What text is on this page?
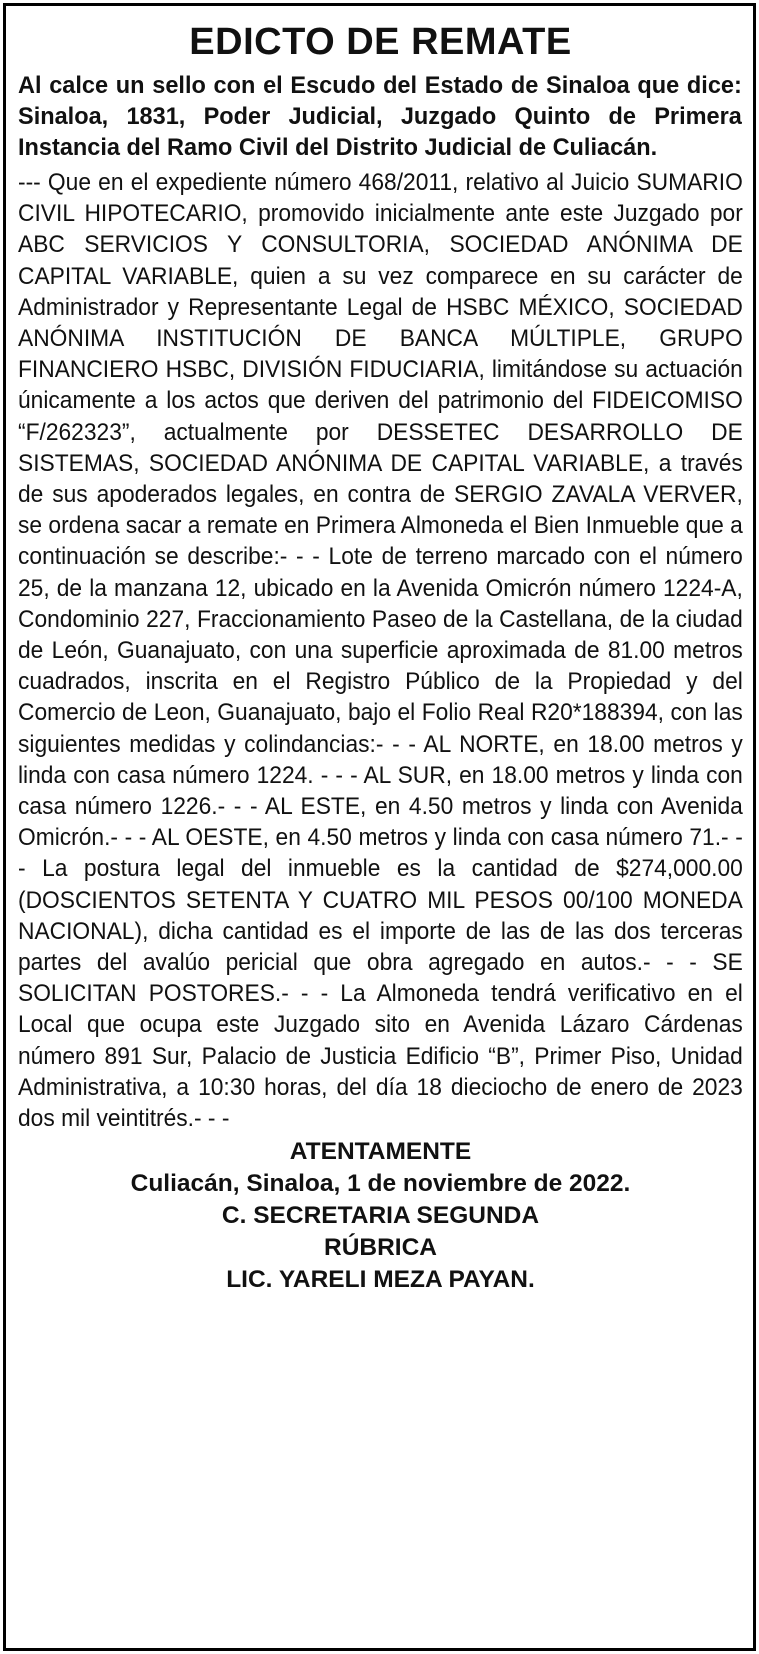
EDICTO DE REMATE

Al calce un sello con el Escudo del Estado de Sinaloa que dice: Sinaloa, 1831, Poder Judicial, Juzgado Quinto de Primera Instancia del Ramo Civil del Distrito Judicial de Culiacán.

--- Que en el expediente número 468/2011, relativo al Juicio SUMARIO CIVIL HIPOTECARIO, promovido inicialmente ante este Juzgado por ABC SERVICIOS Y CONSULTORIA, SOCIEDAD ANÓNIMA DE CAPITAL VARIABLE, quien a su vez comparece en su carácter de Administrador y Representante Legal de HSBC MÉXICO, SOCIEDAD ANÓNIMA INSTITUCIÓN DE BANCA MÚLTIPLE, GRUPO FINANCIERO HSBC, DIVISIÓN FIDUCIARIA, limitándose su actuación únicamente a los actos que deriven del patrimonio del FIDEICOMISO “F/262323”, actualmente por DESSETEC DESARROLLO DE SISTEMAS, SOCIEDAD ANÓNIMA DE CAPITAL VARIABLE, a través de sus apoderados legales, en contra de SERGIO ZAVALA VERVER, se ordena sacar a remate en Primera Almoneda el Bien Inmueble que a continuación se describe:- - - Lote de terreno marcado con el número 25, de la manzana 12, ubicado en la Avenida Omicrón número 1224-A, Condominio 227, Fraccionamiento Paseo de la Castellana, de la ciudad de León, Guanajuato, con una superficie aproximada de 81.00 metros cuadrados, inscrita en el Registro Público de la Propiedad y del Comercio de Leon, Guanajuato, bajo el Folio Real R20*188394, con las siguientes medidas y colindancias:- - - AL NORTE, en 18.00 metros y linda con casa número 1224. - - - AL SUR, en 18.00 metros y linda con casa número 1226.- - - AL ESTE, en 4.50 metros y linda con Avenida Omicrón.- - - AL OESTE, en 4.50 metros y linda con casa número 71.- - - La postura legal del inmueble es la cantidad de $274,000.00 (DOSCIENTOS SETENTA Y CUATRO MIL PESOS 00/100 MONEDA NACIONAL), dicha cantidad es el importe de las de las dos terceras partes del avalúo pericial que obra agregado en autos.- - - SE SOLICITAN POSTORES.- - - La Almoneda tendrá verificativo en el Local que ocupa este Juzgado sito en Avenida Lázaro Cárdenas número 891 Sur, Palacio de Justicia Edificio “B”, Primer Piso, Unidad Administrativa, a 10:30 horas, del día 18 dieciocho de enero de 2023 dos mil veintitrés.- - -

ATENTAMENTE

Culiacán, Sinaloa, 1 de noviembre de 2022.

C. SECRETARIA SEGUNDA

RÚBRICA

LIC. YARELI MEZA PAYAN.
